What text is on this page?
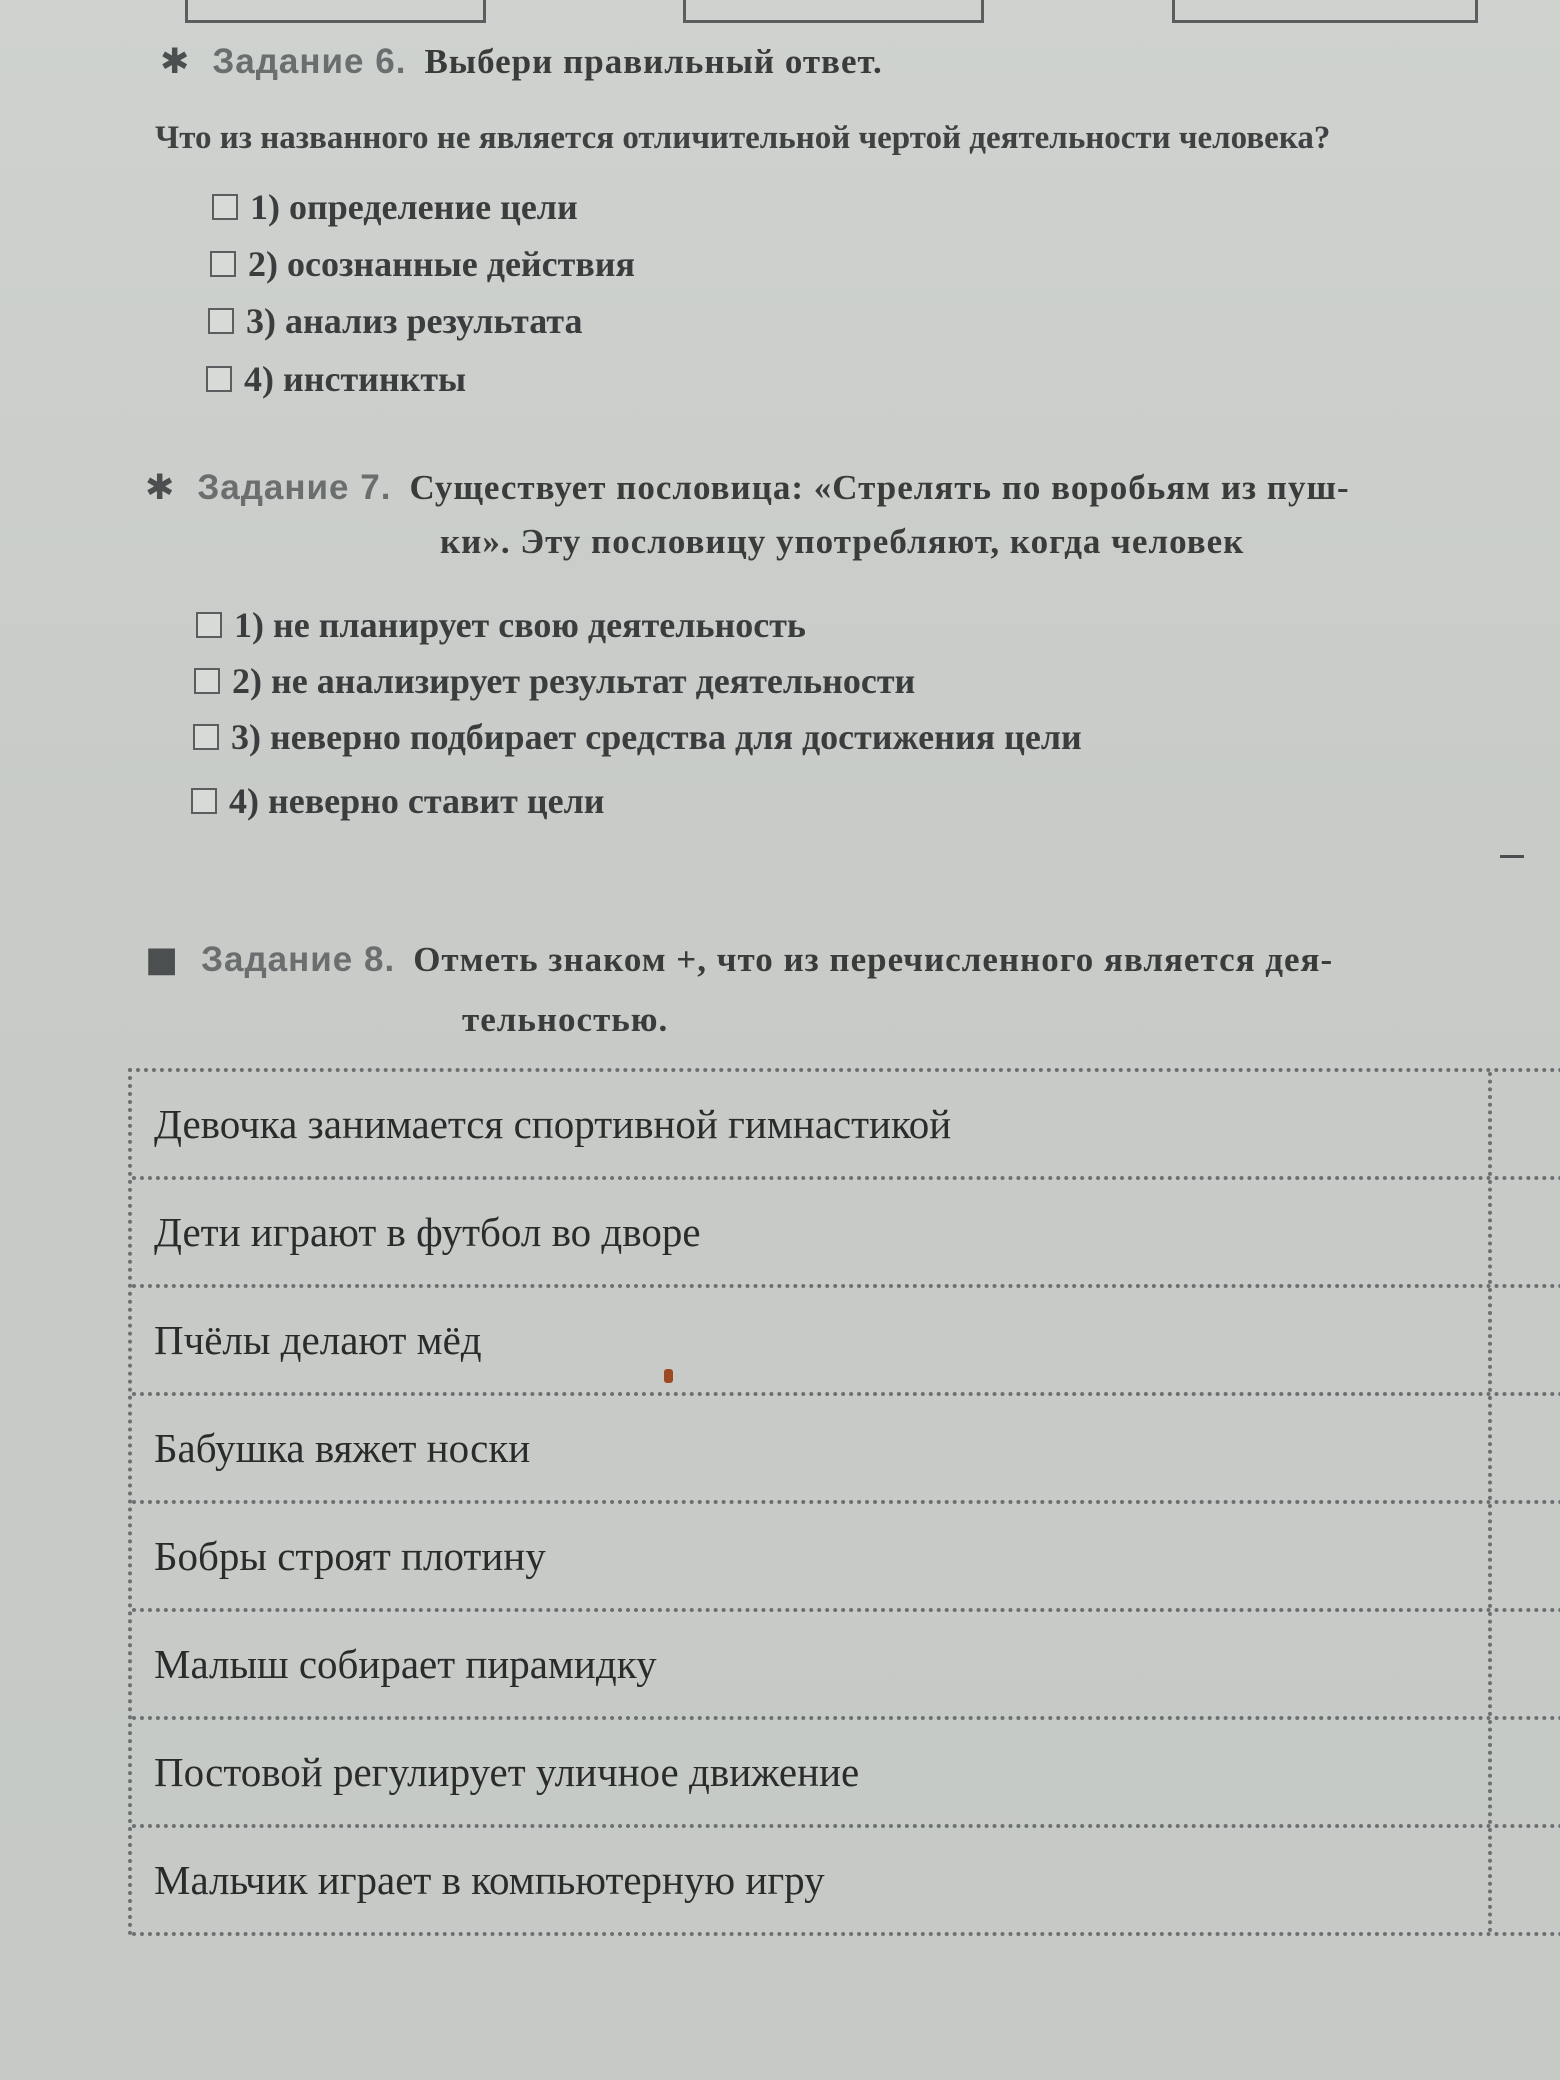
✱ Задание 6. Выбери правильный ответ.
Что из названного не является отличительной чертой деятельности человека?
1) определение цели
2) осознанные действия
3) анализ результата
4) инстинкты
✱ Задание 7. Существует пословица: «Стрелять по воробьям из пуш-
ки». Эту пословицу употребляют, когда человек
1) не планирует свою деятельность
2) не анализирует результат деятельности
3) неверно подбирает средства для достижения цели
4) неверно ставит цели
■ Задание 8. Отметь знаком +, что из перечисленного является дея-
тельностью.
Девочка занимается спортивной гимнастикой
Дети играют в футбол во дворе
Пчёлы делают мёд
Бабушка вяжет носки
Бобры строят плотину
Малыш собирает пирамидку
Постовой регулирует уличное движение
Мальчик играет в компьютерную игру
